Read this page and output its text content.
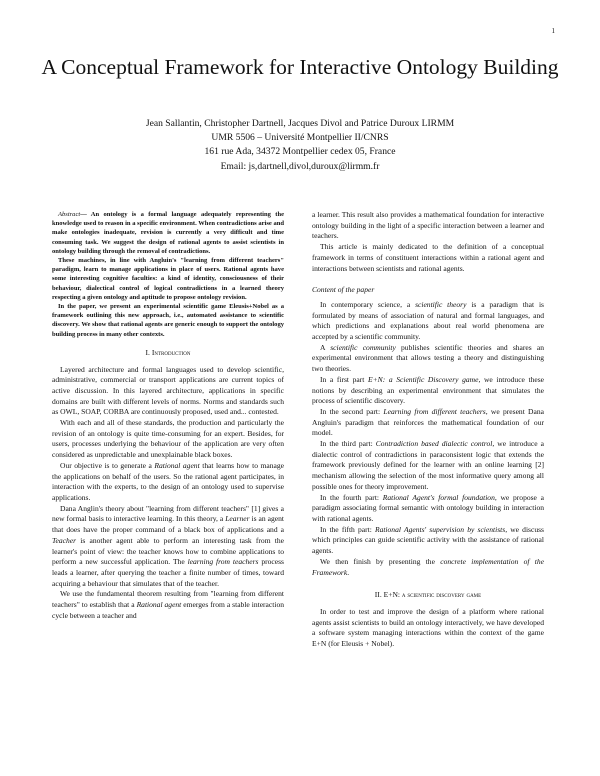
1
A Conceptual Framework for Interactive Ontology Building
Jean Sallantin, Christopher Dartnell, Jacques Divol and Patrice Duroux LIRMM
UMR 5506 – Université Montpellier II/CNRS
161 rue Ada, 34372 Montpellier cedex 05, France
Email: js,dartnell,divol,duroux@lirmm.fr

Abstract— An ontology is a formal language adequately representing the knowledge used to reason in a specific environment. When contradictions arise and make ontologies inadequate, revision is currently a very difficult and time consuming task. We suggest the design of rational agents to assist scientists in ontology building through the removal of contradictions.

These machines, in line with Angluin's "learning from different teachers" paradigm, learn to manage applications in place of users. Rational agents have some interesting cognitive faculties: a kind of identity, consciousness of their behaviour, dialectical control of logical contradictions in a learned theory respecting a given ontology and aptitude to propose ontology revision.

In the paper, we present an experimental scientific game Eleusis+Nobel as a framework outlining this new approach, i.e., automated assistance to scientific discovery. We show that rational agents are generic enough to support the ontology building process in many other contexts.

I. Introduction

Layered architecture and formal languages used to develop scientific, administrative, commercial or transport applications are current topics of active discussion. In this layered architecture, applications in specific domains are built with different levels of norms. Norms and standards such as OWL, SOAP, CORBA are continuously proposed, used and... contested.

With each and all of these standards, the production and particularly the revision of an ontology is quite time-consuming for an expert. Besides, for users, processes underlying the behaviour of the application are very often considered as unpredictable and unexplainable black boxes.

Our objective is to generate a Rational agent that learns how to manage the applications on behalf of the users. So the rational agent participates, in interaction with the experts, to the design of an ontology used to supervise applications.

Dana Anglin's theory about "learning from different teachers" [1] gives a new formal basis to interactive learning. In this theory, a Learner is an agent that does have the proper command of a black box of applications and a Teacher is another agent able to perform an interesting task from the learner's point of view: the teacher knows how to combine applications to perform a new successful application. The learning from teachers process leads a learner, after querying the teacher a finite number of times, toward acquiring a behaviour that simulates that of the teacher.

We use the fundamental theorem resulting from "learning from different teachers" to establish that a Rational agent emerges from a stable interaction cycle between a teacher and

a learner. This result also provides a mathematical foundation for interactive ontology building in the light of a specific interaction between a learner and teachers.

This article is mainly dedicated to the definition of a conceptual framework in terms of constituent interactions within a rational agent and interactions between scientists and rational agents.

Content of the paper

In contemporary science, a scientific theory is a paradigm that is formulated by means of association of natural and formal languages, and which predictions and explanations about real world phenomena are accepted by a scientific community.

A scientific community publishes scientific theories and shares an experimental environment that allows testing a theory and distinguishing two theories.

In a first part E+N: a Scientific Discovery game, we introduce these notions by describing an experimental environment that simulates the process of scientific discovery.

In the second part: Learning from different teachers, we present Dana Angluin's paradigm that reinforces the mathematical foundation of our model.

In the third part: Contradiction based dialectic control, we introduce a dialectic control of contradictions in paraconsistent logic that extends the framework previously defined for the learner with an online learning [2] mechanism allowing the selection of the most informative query among all possible ones for theory improvement.

In the fourth part: Rational Agent's formal foundation, we propose a paradigm associating formal semantic with ontology building in interaction with rational agents.

In the fifth part: Rational Agents' supervision by scientists, we discuss which principles can guide scientific activity with the assistance of rational agents.

We then finish by presenting the concrete implementation of the Framework.

II. E+N: a scientific discovery game

In order to test and improve the design of a platform where rational agents assist scientists to build an ontology interactively, we have developed a software system managing interactions within the context of the game E+N (for Eleusis + Nobel).
